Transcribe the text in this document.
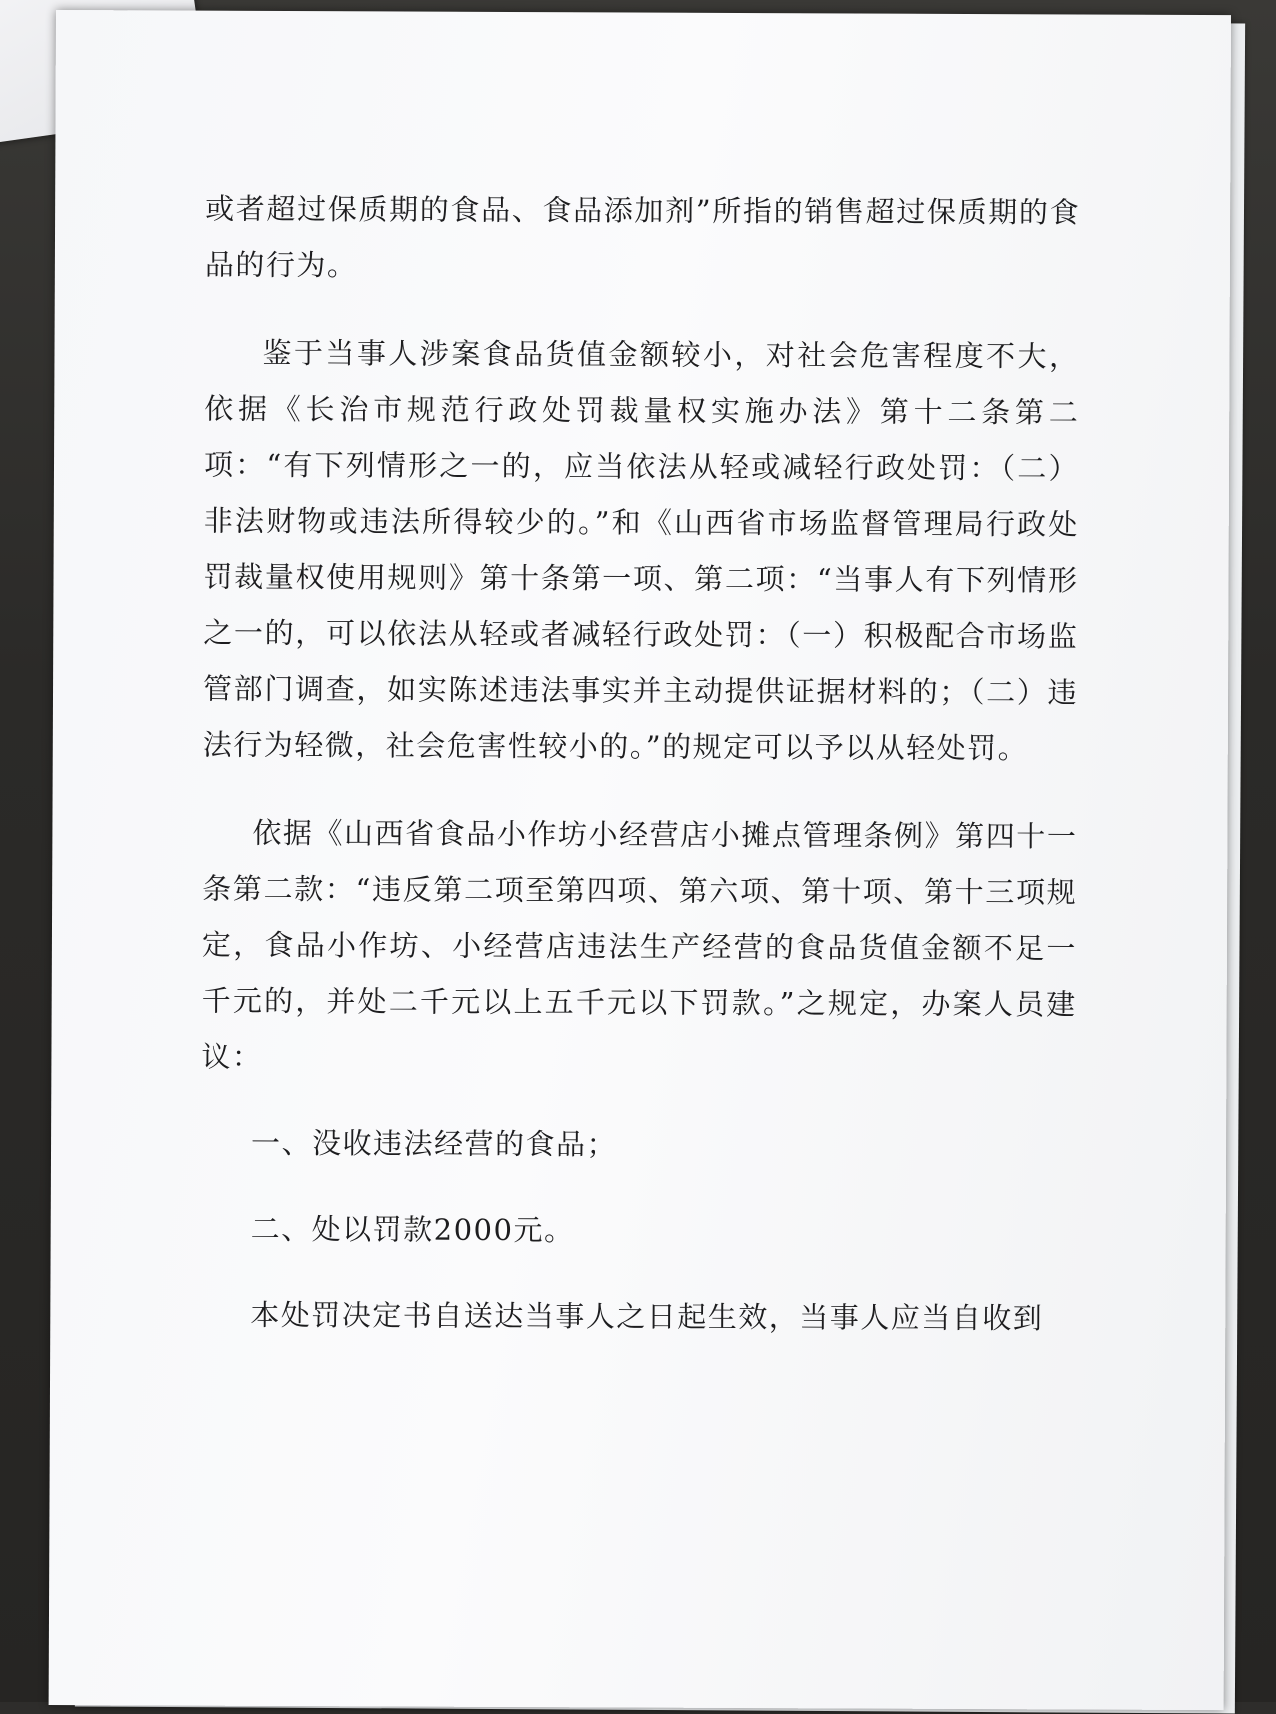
或者超过保质期的食品、食品添加剂”所指的销售超过保质期的食品的行为。

鉴于当事人涉案食品货值金额较小，对社会危害程度不大，依据《长治市规范行政处罚裁量权实施办法》第十二条第二项：“有下列情形之一的，应当依法从轻或减轻行政处罚：（二）非法财物或违法所得较少的。”和《山西省市场监督管理局行政处罚裁量权使用规则》第十条第一项、第二项：“当事人有下列情形之一的，可以依法从轻或者减轻行政处罚：（一）积极配合市场监管部门调查，如实陈述违法事实并主动提供证据材料的；（二）违法行为轻微，社会危害性较小的。”的规定可以予以从轻处罚。

依据《山西省食品小作坊小经营店小摊点管理条例》第四十一条第二款：“违反第二项至第四项、第六项、第十项、第十三项规定，食品小作坊、小经营店违法生产经营的食品货值金额不足一千元的，并处二千元以上五千元以下罚款。”之规定，办案人员建议：

一、没收违法经营的食品；

二、处以罚款2000元。

本处罚决定书自送达当事人之日起生效，当事人应当自收到
